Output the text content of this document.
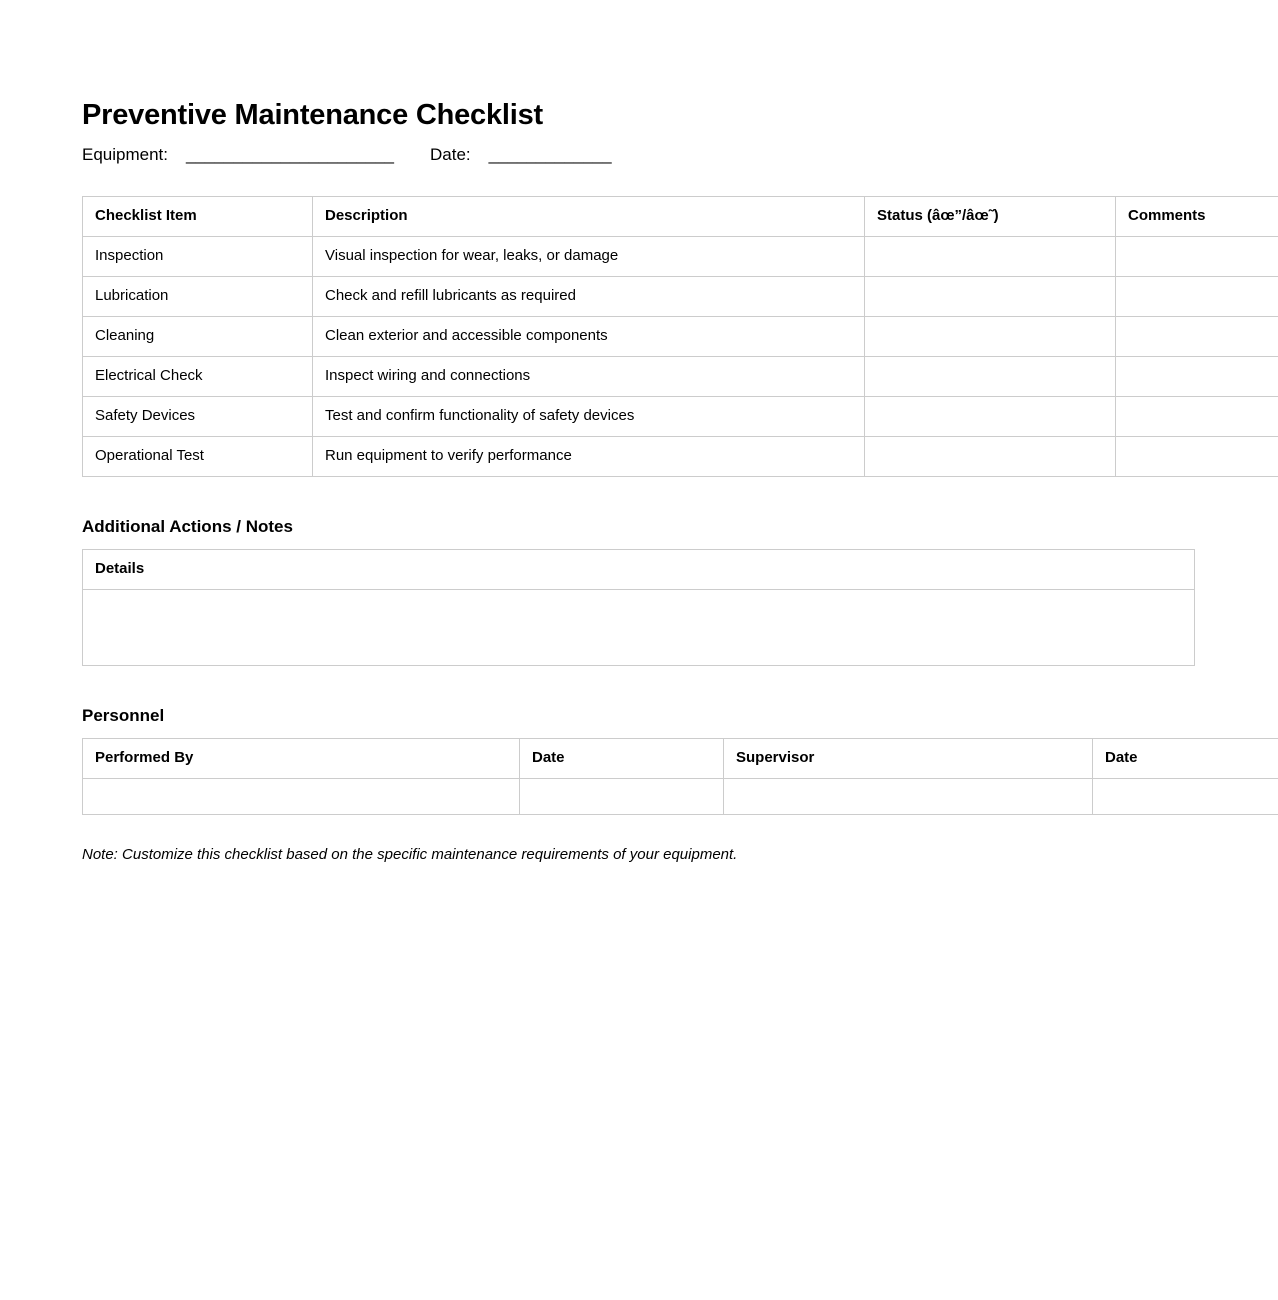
Preventive Maintenance Checklist
Equipment: ______________________ Date: _____________
Checklist Item	Description	Status (âœ”/âœ˜)	Comments
Inspection	Visual inspection for wear, leaks, or damage		
Lubrication	Check and refill lubricants as required		
Cleaning	Clean exterior and accessible components		
Electrical Check	Inspect wiring and connections		
Safety Devices	Test and confirm functionality of safety devices		
Operational Test	Run equipment to verify performance		
Additional Actions / Notes
Details

Personnel
Performed By	Date	Supervisor	Date

Note: Customize this checklist based on the specific maintenance requirements of your equipment.
